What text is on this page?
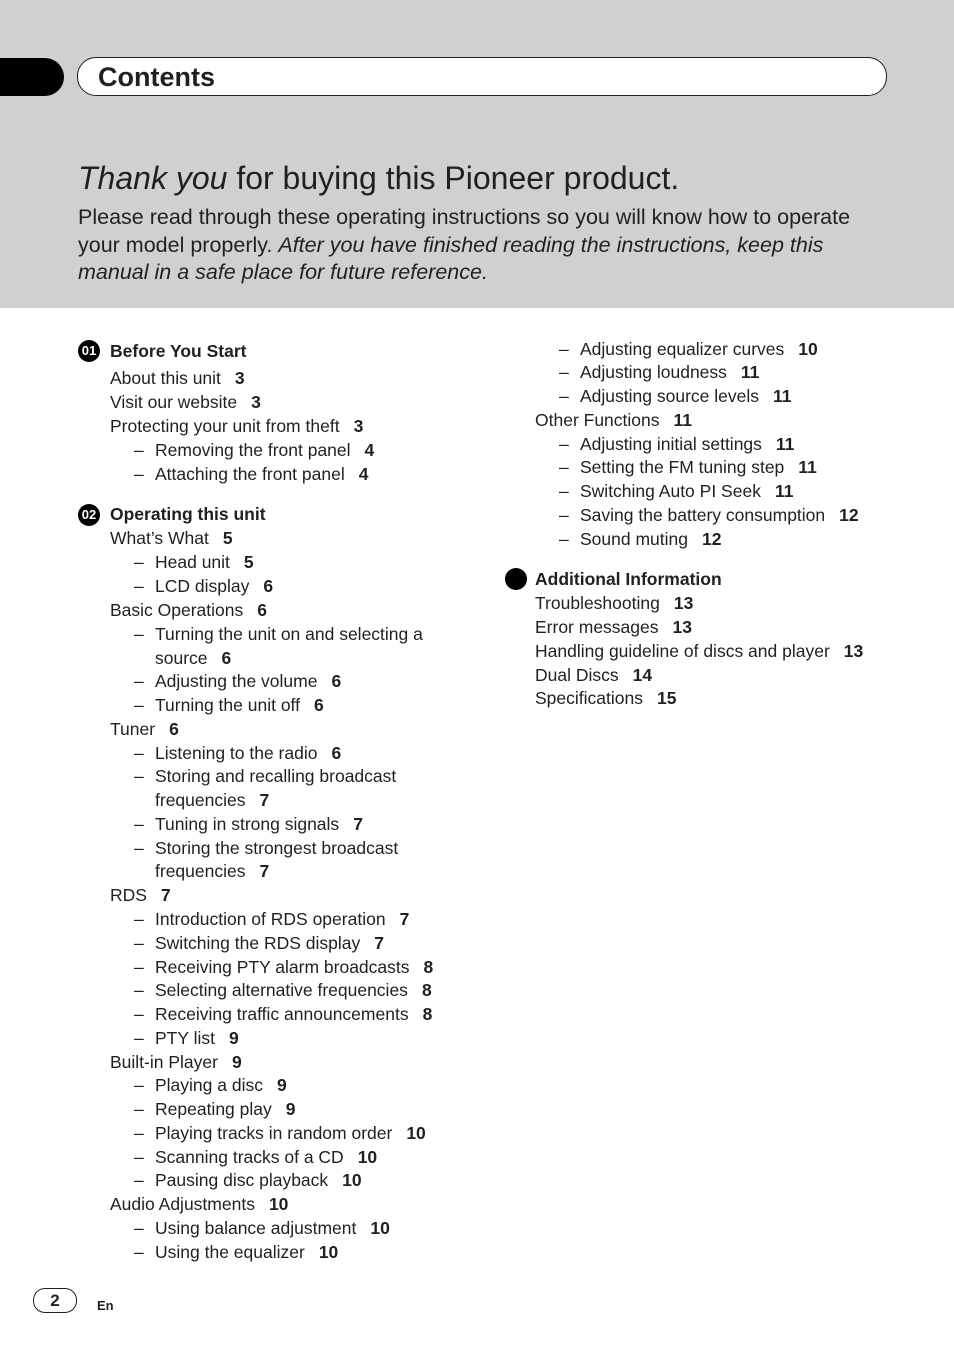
Contents
Thank you for buying this Pioneer product.

Please read through these operating instructions so you will know how to operate your model properly. After you have finished reading the instructions, keep this manual in a safe place for future reference.

01 Before You Start
About this unit 3
Visit our website 3
Protecting your unit from theft 3
– Removing the front panel 4
– Attaching the front panel 4
02 Operating this unit
What’s What 5
– Head unit 5
– LCD display 6
Basic Operations 6
– Turning the unit on and selecting a
source 6
– Adjusting the volume 6
– Turning the unit off 6
Tuner 6
– Listening to the radio 6
– Storing and recalling broadcast
frequencies 7
– Tuning in strong signals 7
– Storing the strongest broadcast
frequencies 7
RDS 7
– Introduction of RDS operation 7
– Switching the RDS display 7
– Receiving PTY alarm broadcasts 8
– Selecting alternative frequencies 8
– Receiving traffic announcements 8
– PTY list 9
Built-in Player 9
– Playing a disc 9
– Repeating play 9
– Playing tracks in random order 10
– Scanning tracks of a CD 10
– Pausing disc playback 10
Audio Adjustments 10
– Using balance adjustment 10
– Using the equalizer 10
– Adjusting equalizer curves 10
– Adjusting loudness 11
– Adjusting source levels 11
Other Functions 11
– Adjusting initial settings 11
– Setting the FM tuning step 11
– Switching Auto PI Seek 11
– Saving the battery consumption 12
– Sound muting 12
Additional Information
Troubleshooting 13
Error messages 13
Handling guideline of discs and player 13
Dual Discs 14
Specifications 15
2	En
